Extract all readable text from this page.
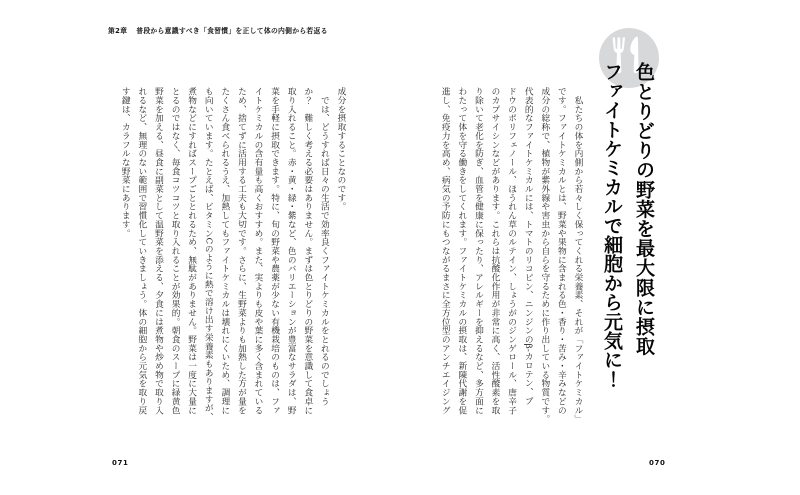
第2章 普段から意識すべき「食習慣」を正して体の内側から若返る

色とりどりの野菜を最大限に摂取

ファイトケミカルで細胞から元気に！

　私たちの体を内側から若々しく保ってくれる栄養素、それが「ファイトケミカル」

です。ファイトケミカルとは、野菜や果物に含まれる色・香り・苦み・辛みなどの

成分の総称で、植物が紫外線や害虫から自らを守るために作り出している物質です。

代表的なファイトケミカルには、トマトのリコピン、ニンジンのβ-カロテン、ブ

ドウのポリフェノール、ほうれん草のルテイン、しょうがのジンゲロール、唐辛子

のカプサイシンなどがあります。これらは抗酸化作用が非常に高く、活性酸素を取

り除いて老化を防ぎ、血管を健康に保ったり、アレルギーを抑えるなど、多方面に

わたって体を守る働きをしてくれます。ファイトケミカルの摂取は、新陳代謝を促

進し、免疫力を高め、病気の予防にもつながるまさに全方位型のアンチエイジング

成分を摂取することなのです。

　では、どうすれば日々の生活で効率良くファイトケミカルをとれるのでしょう

か？　難しく考える必要はありません。まずは色とりどりの野菜を意識して食卓に

取り入れること。赤・黄・緑・紫など、色のバリエーションが豊富なサラダは、野

菜を手軽に摂取できます。特に、旬の野菜や農薬が少ない有機栽培のものは、ファ

イトケミカルの含有量も高くおすすめ。また、実よりも皮や葉に多く含まれている

ため、捨てずに活用する工夫も大切です。さらに、生野菜よりも加熱した方が量を

たくさん食べられるうえ、加熱してもファイトケミカルは壊れにくいため、調理に

も向いています。たとえば、ビタミンCのように熱で溶け出す栄養素もありますが、

煮物などにすればスープごととれるため、無駄がありません。野菜は一度に大量に

とるのではなく、毎食コツコツと取り入れることが効果的。朝食のスープに緑黄色

野菜を加える、昼食に副菜として温野菜を添える、夕食には煮物や炒め物で取り入

れるなど、無理のない範囲で習慣化していきましょう。体の細胞から元気を取り戻

す鍵は、カラフルな野菜にあります。

071	070
